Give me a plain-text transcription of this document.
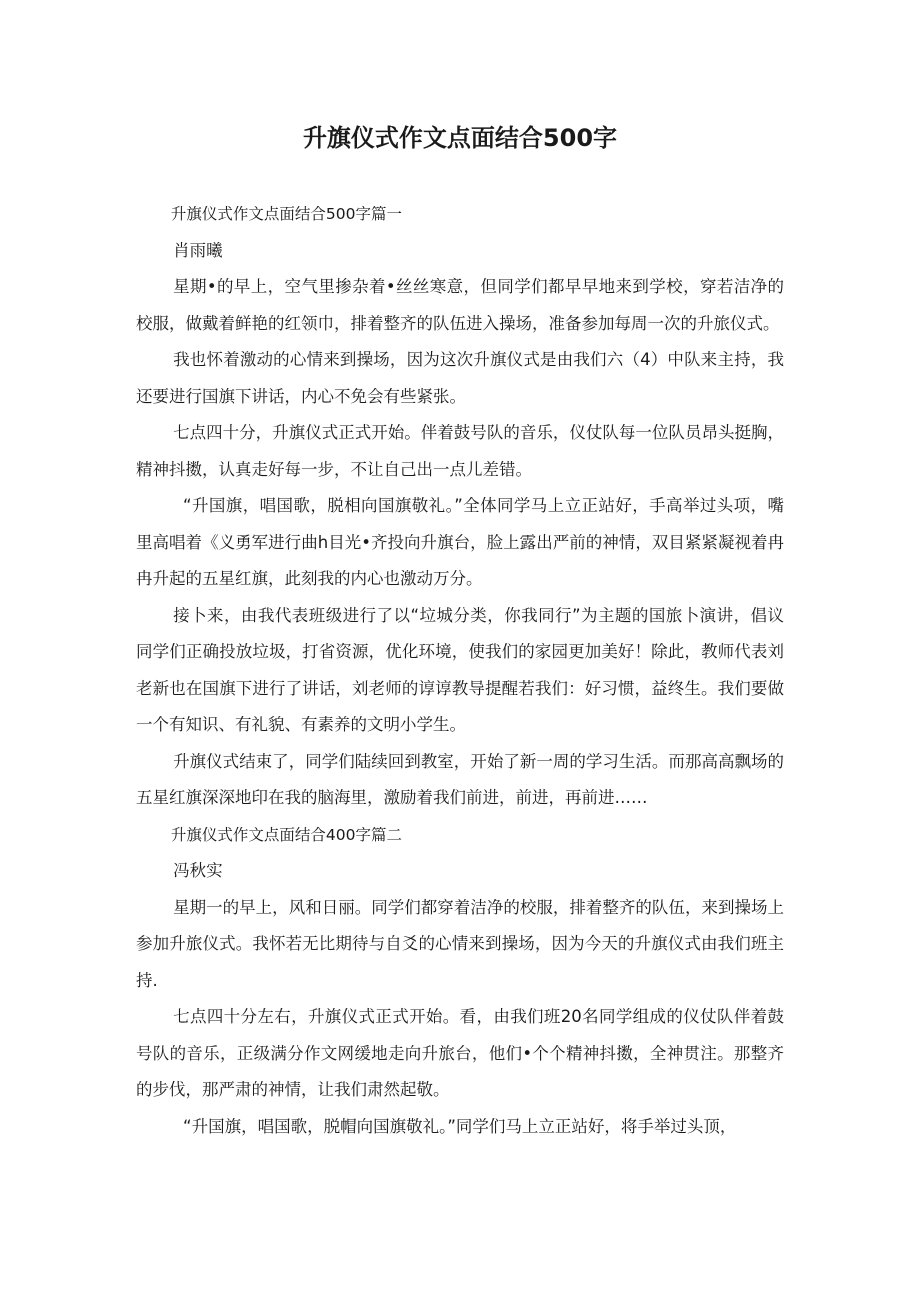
升旗仪式作文点面结合500字

升旗仪式作文点面结合500字篇一

肖雨曦

星期•的早上，空气里掺杂着•丝丝寒意，但同学们都早早地来到学校，穿若洁净的校服，做戴着鲜艳的红领巾，排着整齐的队伍进入操场，准备参加每周一次的升旅仪式。

我也怀着激动的心情来到操场，因为这次升旗仪式是由我们六（4）中队来主持，我还要进行国旗下讲话，内心不免会有些紧张。

七点四十分，升旗仪式正式开始。伴着鼓号队的音乐，仪仗队每一位队员昂头挺胸，精神抖擞，认真走好每一步，不让自己出一点儿差错。

“升国旗，唱国歌，脱相向国旗敬礼。”全体同学马上立正站好，手高举过头项，嘴里高唱着《义勇军进行曲h目光•齐投向升旗台，脸上露出严前的神情，双目紧紧凝视着冉冉升起的五星红旗，此刻我的内心也激动万分。

接卜来，由我代表班级进行了以“垃城分类，你我同行”为主题的国旅卜演讲，倡议同学们正确投放垃圾，打省资源，优化环境，使我们的家园更加美好！除此，教师代表刘老新也在国旗下进行了讲话，刘老师的谆谆教导提醒若我们：好习惯，益终生。我们要做一个有知识、有礼貌、有素养的文明小学生。

升旗仪式结束了，同学们陆续回到教室，开始了新一周的学习生活。而那高高飘场的五星红旗深深地印在我的脑海里，激励着我们前进，前进，再前进……

升旗仪式作文点面结合400字篇二

冯秋实

星期一的早上，风和日丽。同学们都穿着洁净的校服，排着整齐的队伍，来到操场上参加升旅仪式。我怀若无比期待与自爻的心情来到操场，因为今天的升旗仪式由我们班主持.

七点四十分左右，升旗仪式正式开始。看，由我们班20名同学组成的仪仗队伴着鼓号队的音乐，正级满分作文网缓地走向升旅台，他们•个个精神抖擞，全神贯注。那整齐的步伐，那严肃的神情，让我们肃然起敬。

“升国旗，唱国歌，脱帽向国旗敬礼。”同学们马上立正站好，将手举过头顶，
